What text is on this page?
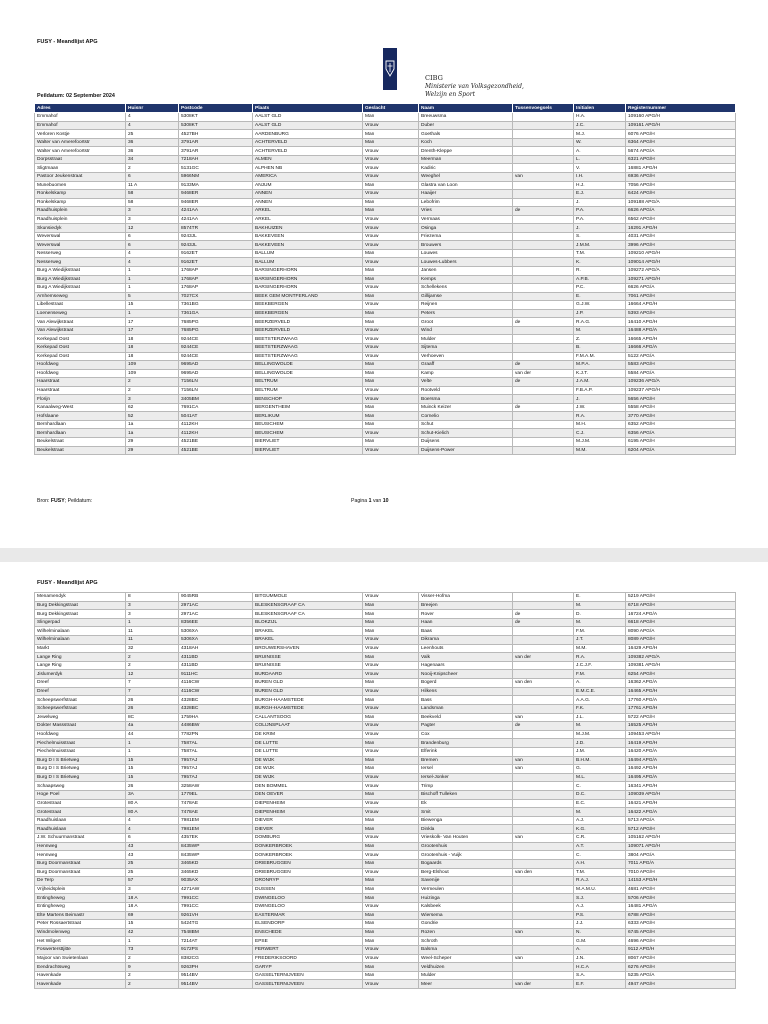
FUSY - Meandlijst APG
CIBG
Ministerie van Volksgezondheid,
Welzijn en Sport
Peildatum: 02 September 2024
Adres	Huisnr	Postcode	Plaats	Geslacht	Naam	Tussenvoegsels	Initialen	Registernummer
Emmahof	4	5308KT	AALST GLD	Man	Breeuwsma		H.A.	109160 APG/H
Emmahof	4	5308KT	AALST GLD	Vrouw	Duber		J.C.	109161 APG/H
Verloren Kostje	25	4527BH	AARDENBURG	Man	Goethals		M.J.	6076 APG/H
Walter van Amerefoortstr	36	3791AR	ACHTERVELD	Man	Koch		W.	6364 APG/H
Walter van Amerefoortstr	36	3791AR	ACHTERVELD	Vrouw	Drenth-Kleppe		A.	5674 APG/A
Dorpsstraat	34	7218AH	ALMEN	Vrouw	Meerman		L.	6321 APG/H
Sligtmaan	2	5131GC	ALPHEN NB	Vrouw	Kadiric		V.	16881 APG/H
Pastoor Jeukenstraat	6	5966NM	AMERICA	Vrouw	Weeghel	van	I.H.	6936 APG/H
Munebuomen	11 A	9133MA	ANJUM	Man	Glastra van Loon		H.J.	7056 APG/H
Ronkelskamp	58	9468ER	ANNEN	Vrouw	Haaijer		E.J.	6424 APG/H
Ronkelskamp	58	9468ER	ANNEN	Man	Lebofrim		J.	109188 APG/A
Raadhuisplein	3	4241AA	ARKEL	Man	Vries	de	P.A.	6626 APG/A
Raadhuisplein	3	4241AA	ARKEL	Vrouw	Vermaas		P.A.	6562 APG/H
Skunsiedyk	12	8574TR	BAKHUIZEN	Vrouw	Osinga		J.	16291 APG/H
Weverswal	6	9243JL	BAKKEVEEN	Vrouw	Friezema		S.	4031 APG/H
Weverswal	6	9243JL	BAKKEVEEN	Vrouw	Brouwers		J.M.M.	3996 APG/H
Nesserweg	4	9162ET	BALLUM	Man	Louwes		T.M.	109210 APG/H
Nesserweg	4	9162ET	BALLUM	Vrouw	Louwes-Lubbers		K.	109014 APG/H
Burg A Wiedijkstraat	1	1768AP	BARSINGERHORN	Man	Jansen		R.	109272 APG/A
Burg A Wiedijkstraat	1	1768AP	BARSINGERHORN	Man	Kemps		A.P.B.	109271 APG/H
Burg A Wiedijkstraat	1	1768AP	BARSINGERHORN	Vrouw	Schellekens		P.C.	6626 APG/A
Arnhemseweg	5	7027CX	BEEK GEM MONTFERLAND	Man	Gillijamse		E.	7061 APG/H
Libellestraat	15	7361BG	BEEKBERGEN	Vrouw	Reijnen		G.J.W.	16664 APG/H
Loenenseweg	1	7361GA	BEEKBERGEN	Man	Peters		J.P.	5393 APG/H
Van Alewijkstraat	17	7685PG	BEERZERVELD	Man	Groot	de	R.A.G.	16410 APG/H
Van Alewijkstraat	17	7685PG	BEERZERVELD	Vrouw	Wind		M.	16488 APG/A
Kerkepad Oost	18	9244CE	BEETSTERZWAAG	Vrouw	Mulder		Z.	16665 APG/H
Kerkepad Oost	18	9244CE	BEETSTERZWAAG	Vrouw	Sijtema		B.	16666 APG/A
Kerkepad Oost	18	9244CE	BEETSTERZWAAG	Vrouw	Verhoeven		F.M.A.M.	5122 APG/A
Hoofdweg	109	9695AD	BELLINGWOLDE	Man	Graaff	de	M.P.A.	5583 APG/H
Hoofdweg	109	9695AD	BELLINGWOLDE	Man	Kamp	van der	K.J.T.	5584 APG/A
Haarstraat	2	7156LN	BELTRUM	Man	Velte	de	J.A.M.	109236 APG/A
Haarstraat	2	7156LN	BELTRUM	Vrouw	Rootveld		F.B.A.P.	109237 APG/H
Florijn	3	3405BM	BENSCHOP	Vrouw	Boersma		J.	5656 APG/H
Kanaalweg-West	62	7691CA	BERGENTHEIM	Man	Muinck Keizer	de	J.W.	5558 APG/H
Hofslaane	52	5041AT	BERLIKUM	Man	Cornelio		R.A.	3770 APG/H
Bernhardlaan	1a	4112KH	BEUSICHEM	Man	Schut		M.H.	6352 APG/H
Bernhardlaan	1a	4112KH	BEUSICHEM	Vrouw	Schut-Kielich		C.J.	6356 APG/A
Beukelstraat	29	4521BE	BIERVLIET	Man	Duijsens		M.J.M.	6195 APG/H
Beukelstraat	29	4521BE	BIERVLIET	Vrouw	Duijsens-Power		M.M.	6204 APG/A
Bron: FUSY; Peildatum:	Pagina 1 van 10
FUSY - Meandlijst APG
Menamendyk	8	9045RB	BITGUMMOLE	Vrouw	Visser-Hofma		E.	5219 APG/H
Burg Dekkingstraat	3	2971AC	BLESKENSGRAAF CA	Man	Breejen		M.	6718 APG/H
Burg Dekkingstraat	3	2971AC	BLESKENSGRAAF CA	Man	Rover	de	D.	16724 APG/A
Slingerpad	1	8356EE	BLOKZIJL	Man	Haan	de	M.	6618 APG/H
Wilhelminalaan	11	5306XA	BRAKEL	Man	Baas		F.M.	8090 APG/A
Wilhelminalaan	11	5306XA	BRAKEL	Vrouw	Dikrama		J.T.	8089 APG/H
Markt	32	4318AH	BROUWERSHAVEN	Vrouw	Leenhouts		M.M.	16429 APG/H
Lange Ring	2	4311BD	BRUINISSE	Man	Valk	van der	R.A.	109382 APG/A
Lange Ring	2	4311BD	BRUINISSE	Vrouw	Hagenaars		J.C.J.F.	109381 APG/H
Jislumerdyk	12	9111HC	BURDAARD	Vrouw	Nooij-Knipscheer		F.M.	6254 APG/H
Dreef	7	4116CW	BUREN GLD	Man	Bogerd	van den	A.	16362 APG/A
Dreef	7	4116CW	BUREN GLD	Vrouw	Hilkens		E.M.C.E.	16465 APG/H
Scheepswerfstraat	26	4328BC	BURGH-HAAMSTEDE	Man	Bass		A.A.G.	17760 APG/A
Scheepswerfstraat	26	4328BC	BURGH-HAAMSTEDE	Vrouw	Landsman		F.K.	17761 APG/H
Jewelweg	8C	1759HA	CALLANTSOOG	Man	Beekveld	van	J.L.	5722 APG/H
Dokter Massstraat	4a	4486BW	COLIJNSPLAAT	Vrouw	Pagter	de	M.	16525 APG/H
Hoofdweg	44	7782PN	DE KRIM	Vrouw	Cox		M.J.M.	109453 APG/H
Piechelmuisstraat	1	7587AL	DE LUTTE	Man	Brandenburg		J.D.	16419 APG/H
Piechelmuisstraat	1	7587AL	DE LUTTE	Vrouw	Elferink		J.M.	16420 APG/A
Burg D I S Brietweg	15	7957AJ	DE WIJK	Man	Bremen	van	B.H.M.	16494 APG/A
Burg D I S Brietweg	15	7957AJ	DE WIJK	Man	Iersel	van	G.	16492 APG/H
Burg D I S Brietweg	15	7957AJ	DE WIJK	Vrouw	Iersel-Jonker		M.L.	16495 APG/A
Schaapsweg	26	3258AW	DEN BOMMEL	Vrouw	Trimp		C.	16341 APG/H
Hoge Poel	3A	1779EL	DEN OEVER	Man	Bischoff Tulleken		D.C.	109039 APG/H
Grotestraat	80 A	7478AE	DIEPENHEIM	Vrouw	Ek		E.C.	16421 APG/H
Grotestraat	80 A	7478AE	DIEPENHEIM	Vrouw	Smit		M.	16422 APG/A
Raadhuislaan	4	7981EM	DIEVER	Man	Biewenga		A.J.	5713 APG/A
Raadhuislaan	4	7981EM	DIEVER	Man	Dinkla		K.G.	5712 APG/H
J.W. Schuurmanstraat	6	4357EK	DOMBURG	Vrouw	Vrieskolk- Van Houten	van	C.R.	105162 APG/H
Hennweg	43	8435WP	DONKERBROEK	Man	Grootenhuis		A.T.	109071 APG/H
Hennweg	43	8435WP	DONKERBROEK	Vrouw	Grootenhuis - Vuijk		C.	3804 APG/A
Burg Doormanstraat	25	3465KD	DRIEBRUGGEN	Man	Bogaards		A.H.	7011 APG/A
Burg Doormanstraat	25	3465KD	DRIEBRUGGEN	Vrouw	Berg-Elshout	van den	T.M.	7010 APG/H
De Terp	57	9035AX	DRONRYP	Man	Savenije		R.A.J.	14153 APG/H
Vrijheidsplein	3	4271AW	DUSSEN	Man	Vermeulen		M.A.M.U.	4681 APG/H
Entingheweg	18 A	7991CC	DWINGELOO	Man	Huizinga		S.J.	5706 APG/H
Entingheweg	18 A	7991CC	DWINGELOO	Vrouw	Kalsbeek		A.J.	16481 APG/A
Elte Martens Beimastr	69	9261VH	EASTERMAR	Man	Wiersema		P.S.	6788 APG/H
Peter Rossaertstraat	15	5424TG	ELSENDORP	Man	Gondrie		J.J.	6333 APG/H
Windmolenweg	42	7548BM	ENSCHEDE	Man	Rozen	van	N.	6745 APG/H
Het Wilgert	1	7214AT	EPSE	Man	Schroth		G.M.	4696 APG/H
Foswertersttjitte	73	9172PS	FERWERT	Vrouw	Balsma		A.	9112 APG/H
Majoor van Swietenlaan	2	8382CG	FREDERIKSOORD	Vrouw	Weel-Scheper	van	J.N.	8067 APG/H
Eendrachtsweg	9	9263PH	GARYP	Man	Veldhuizen		H.C.A	6276 APG/H
Havenkade	2	9514BV	GASSELTERNIJVEEN	Man	Mulder		S.A.	5235 APG/A
Havenkade	2	9514BV	GASSELTERNIJVEEN	Vrouw	Meer	van der	E.F.	4947 APG/H
